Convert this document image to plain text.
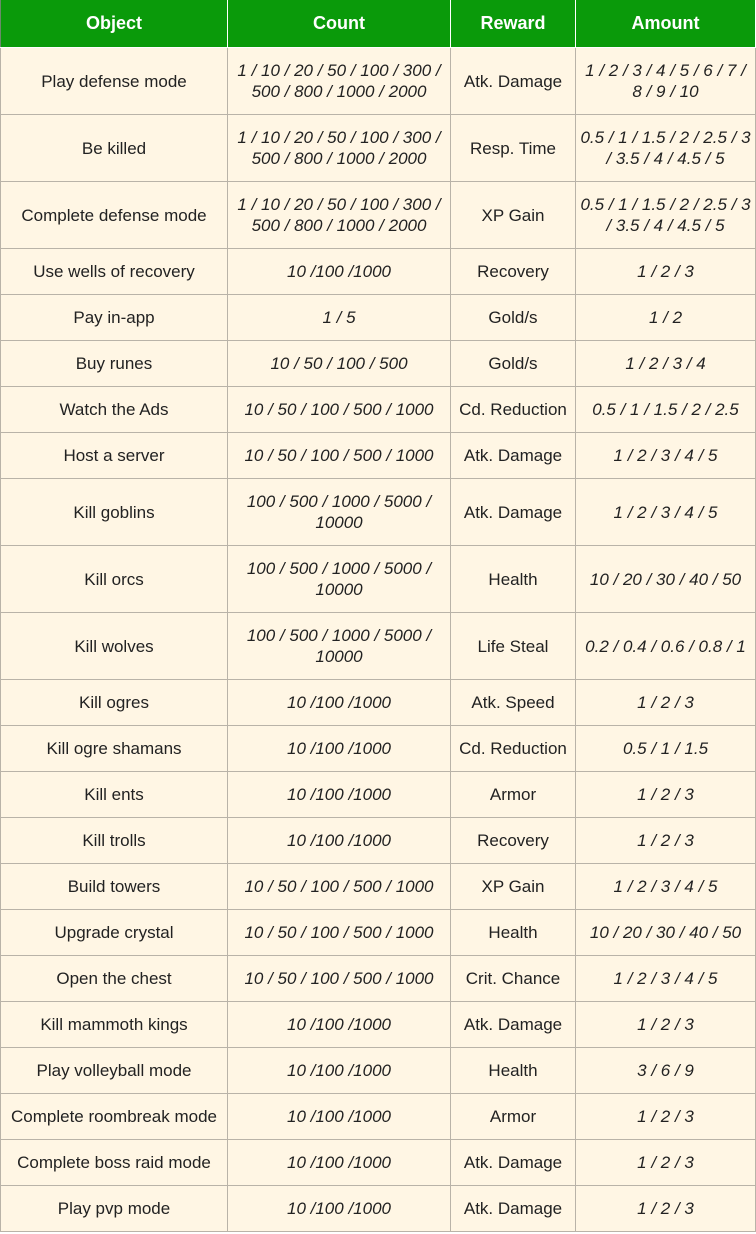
Object	Count	Reward	Amount
Play defense mode	1 / 10 / 20 / 50 / 100 / 300 / 500 / 800 / 1000 / 2000	Atk. Damage	1 / 2 / 3 / 4 / 5 / 6 / 7 / 8 / 9 / 10
Be killed	1 / 10 / 20 / 50 / 100 / 300 / 500 / 800 / 1000 / 2000	Resp. Time	0.5 / 1 / 1.5 / 2 / 2.5 / 3 / 3.5 / 4 / 4.5 / 5
Complete defense mode	1 / 10 / 20 / 50 / 100 / 300 / 500 / 800 / 1000 / 2000	XP Gain	0.5 / 1 / 1.5 / 2 / 2.5 / 3 / 3.5 / 4 / 4.5 / 5
Use wells of recovery	10 /100 /1000	Recovery	1 / 2 / 3
Pay in-app	1 / 5	Gold/s	1 / 2
Buy runes	10 / 50 / 100 / 500	Gold/s	1 / 2 / 3 / 4
Watch the Ads	10 / 50 / 100 / 500 / 1000	Cd. Reduction	0.5 / 1 / 1.5 / 2 / 2.5
Host a server	10 / 50 / 100 / 500 / 1000	Atk. Damage	1 / 2 / 3 / 4 / 5
Kill goblins	100 / 500 / 1000 / 5000 / 10000	Atk. Damage	1 / 2 / 3 / 4 / 5
Kill orcs	100 / 500 / 1000 / 5000 / 10000	Health	10 / 20 / 30 / 40 / 50
Kill wolves	100 / 500 / 1000 / 5000 / 10000	Life Steal	0.2 / 0.4 / 0.6 / 0.8 / 1
Kill ogres	10 /100 /1000	Atk. Speed	1 / 2 / 3
Kill ogre shamans	10 /100 /1000	Cd. Reduction	0.5 / 1 / 1.5
Kill ents	10 /100 /1000	Armor	1 / 2 / 3
Kill trolls	10 /100 /1000	Recovery	1 / 2 / 3
Build towers	10 / 50 / 100 / 500 / 1000	XP Gain	1 / 2 / 3 / 4 / 5
Upgrade crystal	10 / 50 / 100 / 500 / 1000	Health	10 / 20 / 30 / 40 / 50
Open the chest	10 / 50 / 100 / 500 / 1000	Crit. Chance	1 / 2 / 3 / 4 / 5
Kill mammoth kings	10 /100 /1000	Atk. Damage	1 / 2 / 3
Play volleyball mode	10 /100 /1000	Health	3 / 6 / 9
Complete roombreak mode	10 /100 /1000	Armor	1 / 2 / 3
Complete boss raid mode	10 /100 /1000	Atk. Damage	1 / 2 / 3
Play pvp mode	10 /100 /1000	Atk. Damage	1 / 2 / 3
